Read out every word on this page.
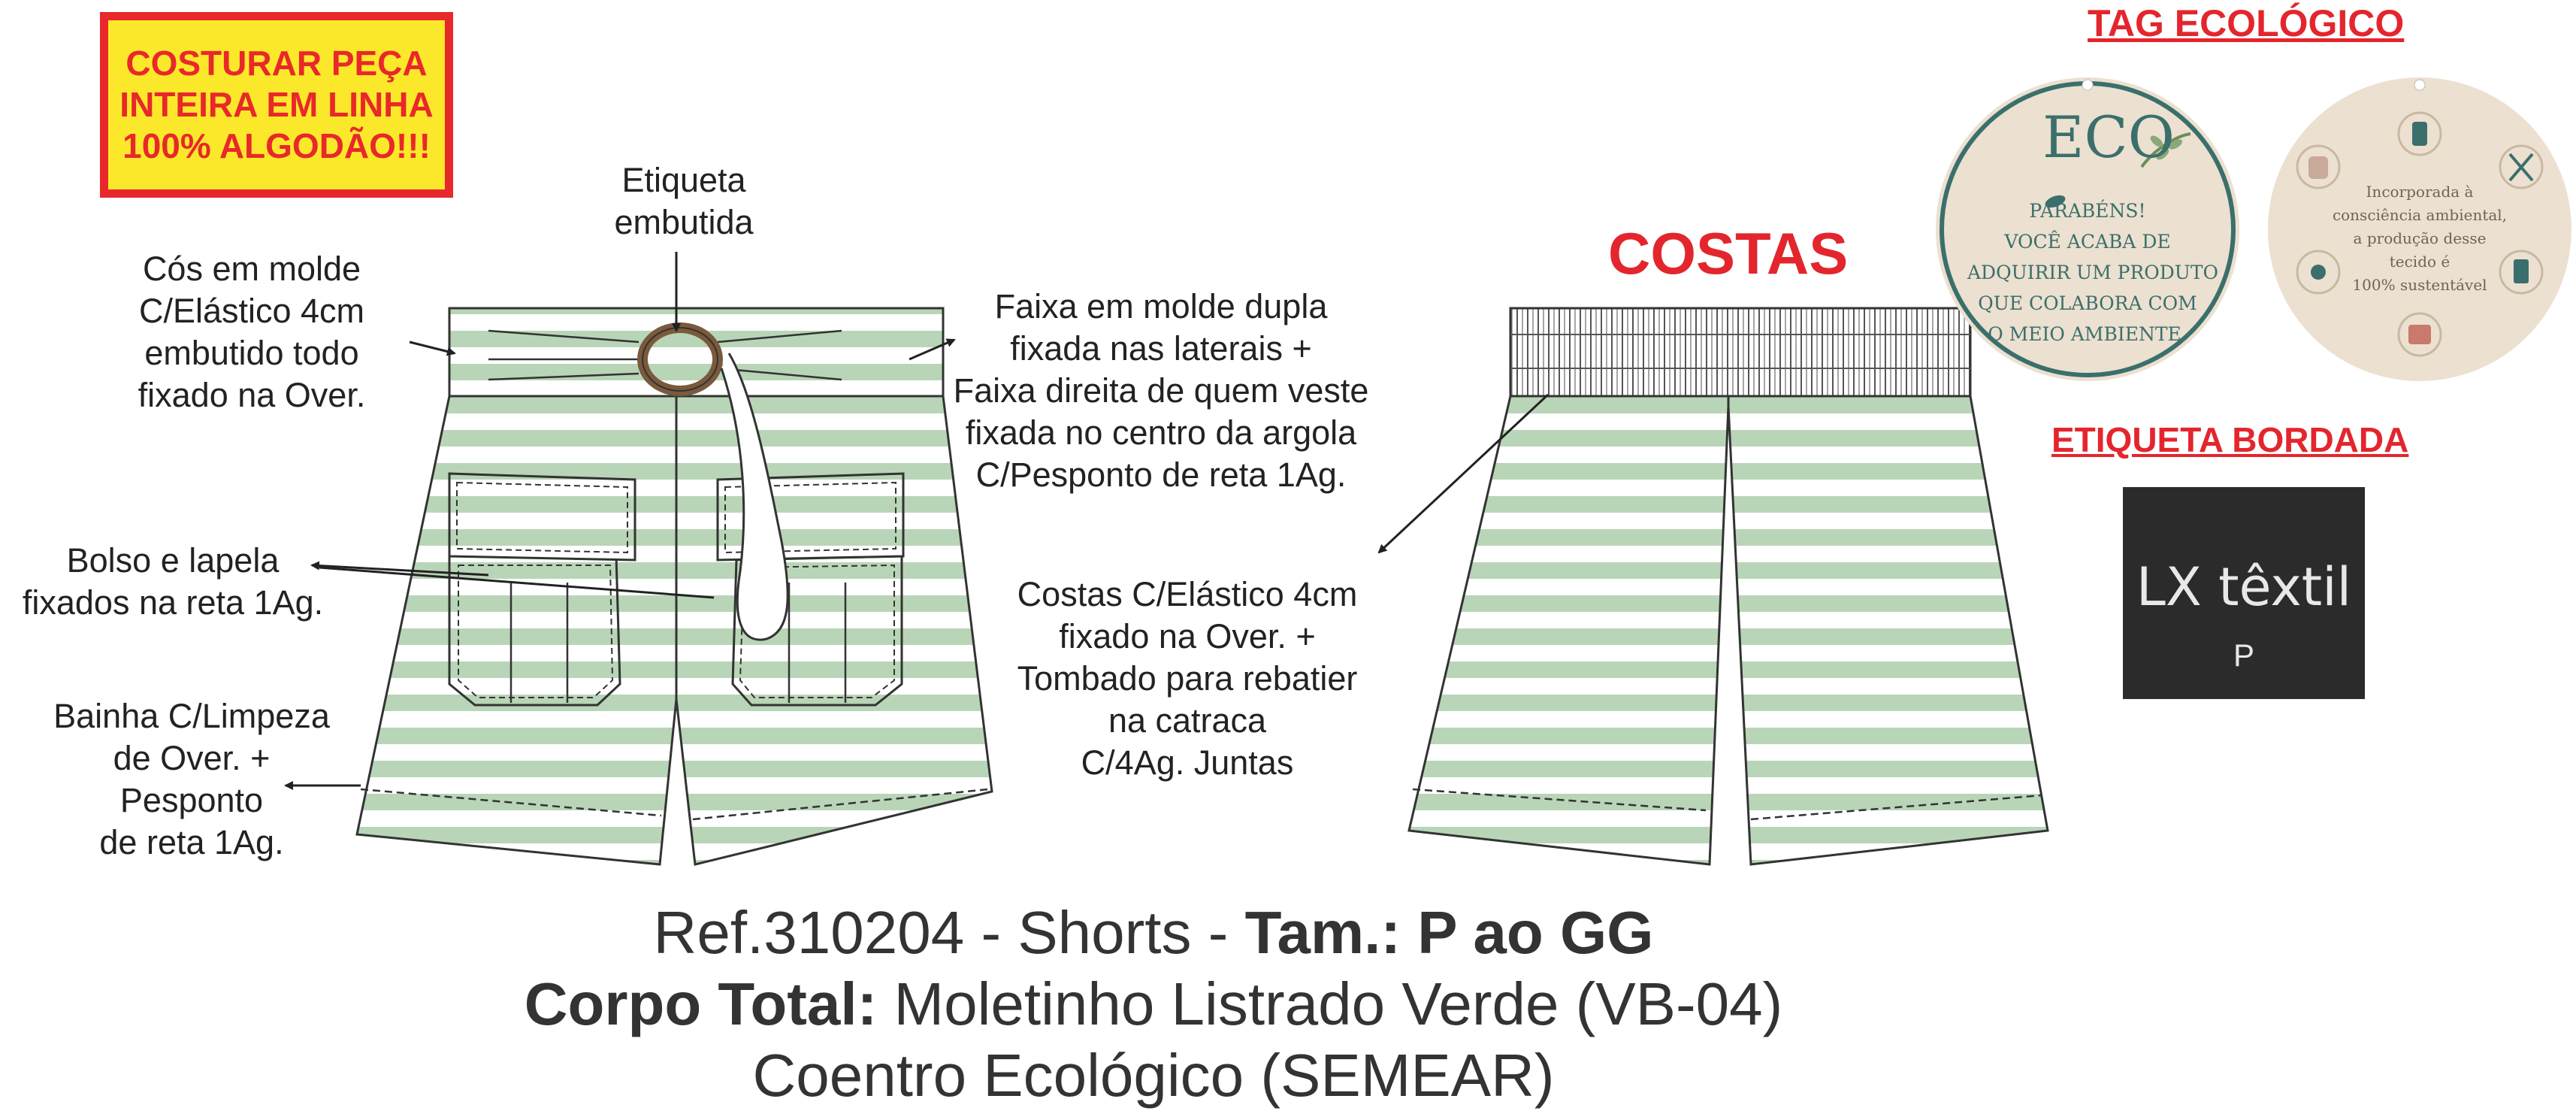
COSTURAR PEÇA
INTEIRA EM LINHA
100% ALGODÃO!!!
Etiqueta
embutida
Cós em molde
C/Elástico 4cm
embutido todo
fixado na Over.
Faixa em molde dupla
fixada nas laterais +
Faixa direita de quem veste
fixada no centro da argola
C/Pesponto de reta 1Ag.
Bolso e lapela
fixados na reta 1Ag.
Bainha C/Limpeza
de Over. +
Pesponto
de reta 1Ag.
COSTAS
Costas C/Elástico 4cm
fixado na Over. +
Tombado para rebatier
na catraca
C/4Ag. Juntas
TAG ECOLÓGICO
ECO
PARABÉNS!
VOCÊ ACABA DE
ADQUIRIR UM PRODUTO
QUE COLABORA COM
O MEIO AMBIENTE.
Incorporada à
consciência ambiental,
a produção desse
tecido é
100% sustentável
ETIQUETA BORDADA
LX têxtil
P
Ref.310204 - Shorts - Tam.: P ao GG
Corpo Total: Moletinho Listrado Verde (VB-04)
Coentro Ecológico (SEMEAR)
